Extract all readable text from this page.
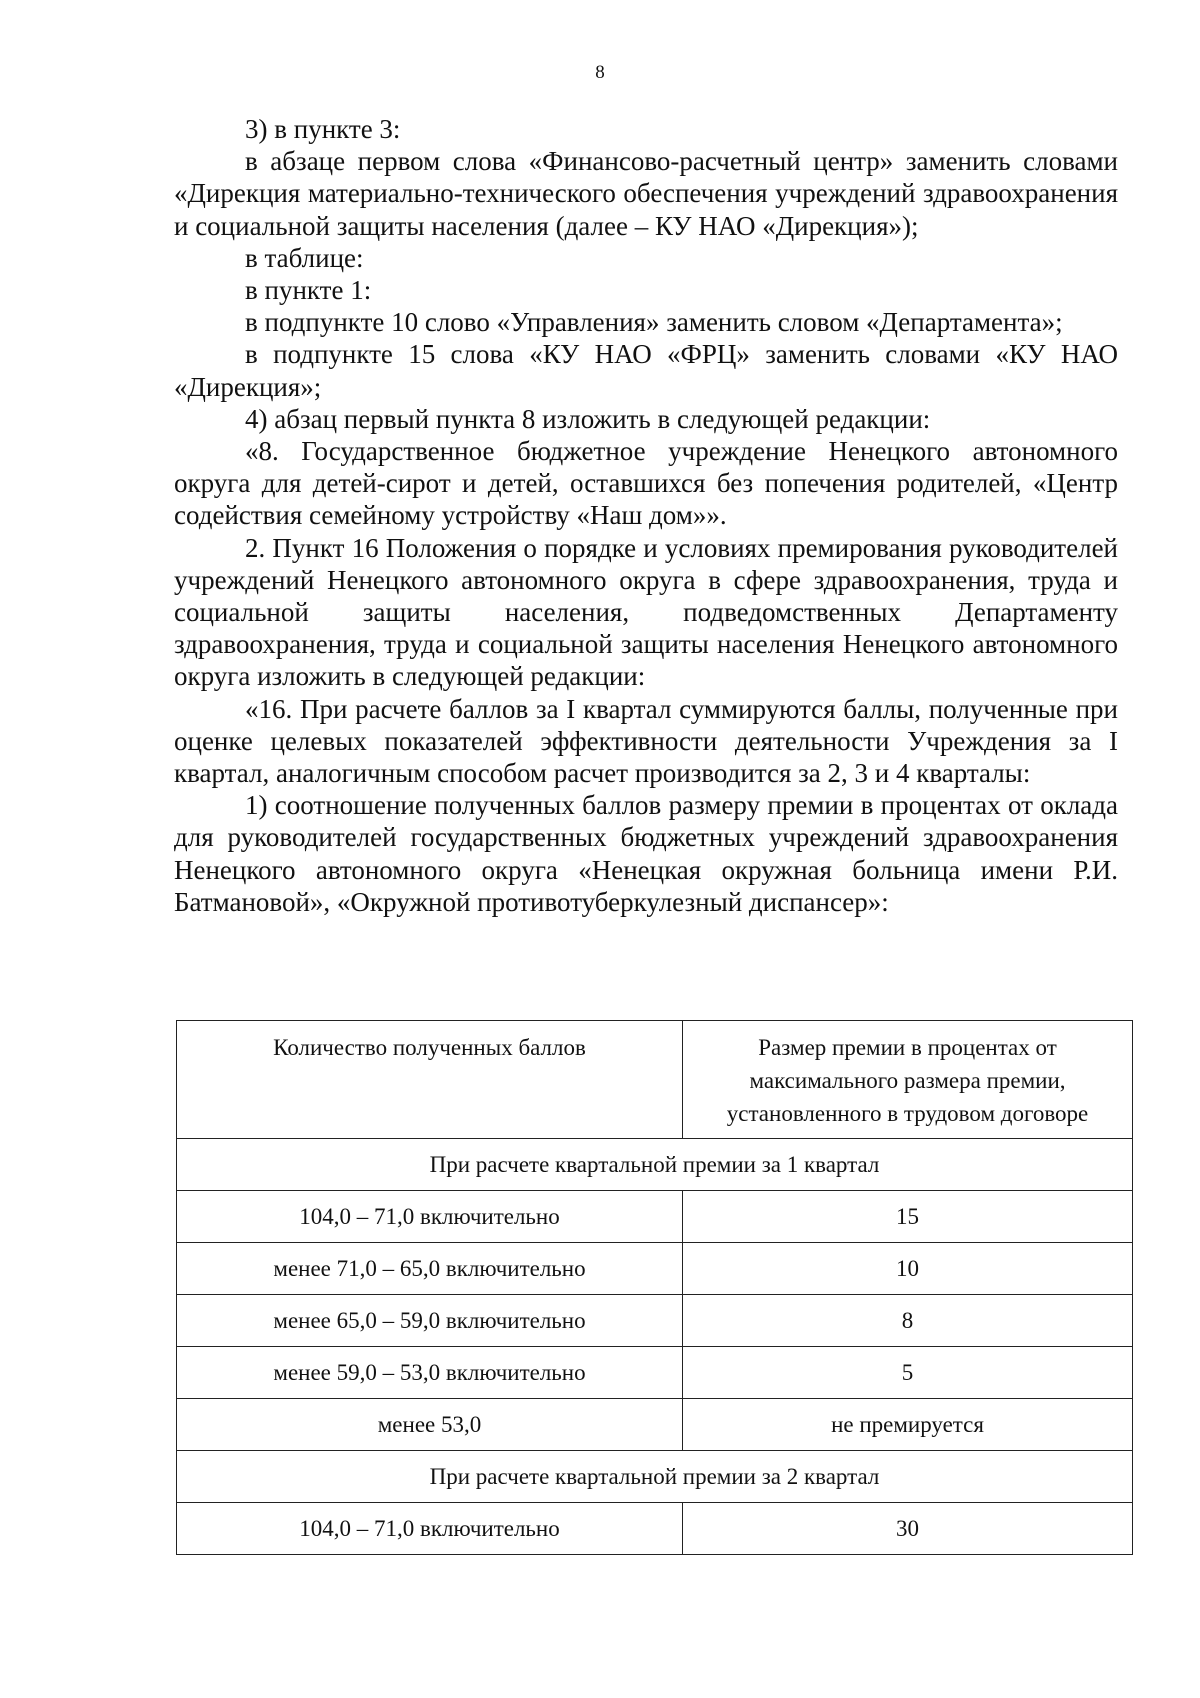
8

3) в пункте 3:

в абзаце первом слова «Финансово-расчетный центр» заменить словами «Дирекция материально-технического обеспечения учреждений здравоохранения и социальной защиты населения (далее – КУ НАО «Дирекция»);

в таблице:

в пункте 1:

в подпункте 10 слово «Управления» заменить словом «Департамента»;

в подпункте 15 слова «КУ НАО «ФРЦ» заменить словами «КУ НАО «Дирекция»;

4) абзац первый пункта 8 изложить в следующей редакции:

«8. Государственное бюджетное учреждение Ненецкого автономного округа для детей-сирот и детей, оставшихся без попечения родителей, «Центр содействия семейному устройству «Наш дом»».

2. Пункт 16 Положения о порядке и условиях премирования руководителей учреждений Ненецкого автономного округа в сфере здравоохранения, труда и социальной защиты населения, подведомственных Департаменту здравоохранения, труда и социальной защиты населения Ненецкого автономного округа изложить в следующей редакции:

«16. При расчете баллов за I квартал суммируются баллы, полученные при оценке целевых показателей эффективности деятельности Учреждения за I квартал, аналогичным способом расчет производится за 2, 3 и 4 кварталы:

1) соотношение полученных баллов размеру премии в процентах от оклада для руководителей государственных бюджетных учреждений здравоохранения Ненецкого автономного округа «Ненецкая окружная больница имени Р.И. Батмановой», «Окружной противотуберкулезный диспансер»:

Количество полученных баллов	Размер премии в процентах от максимального размера премии, установленного в трудовом договоре
При расчете квартальной премии за 1 квартал	
104,0 – 71,0 включительно	15
менее 71,0 – 65,0 включительно	10
менее 65,0 – 59,0 включительно	8
менее 59,0 – 53,0 включительно	5
менее 53,0	не премируется
При расчете квартальной премии за 2 квартал	
104,0 – 71,0 включительно	30
